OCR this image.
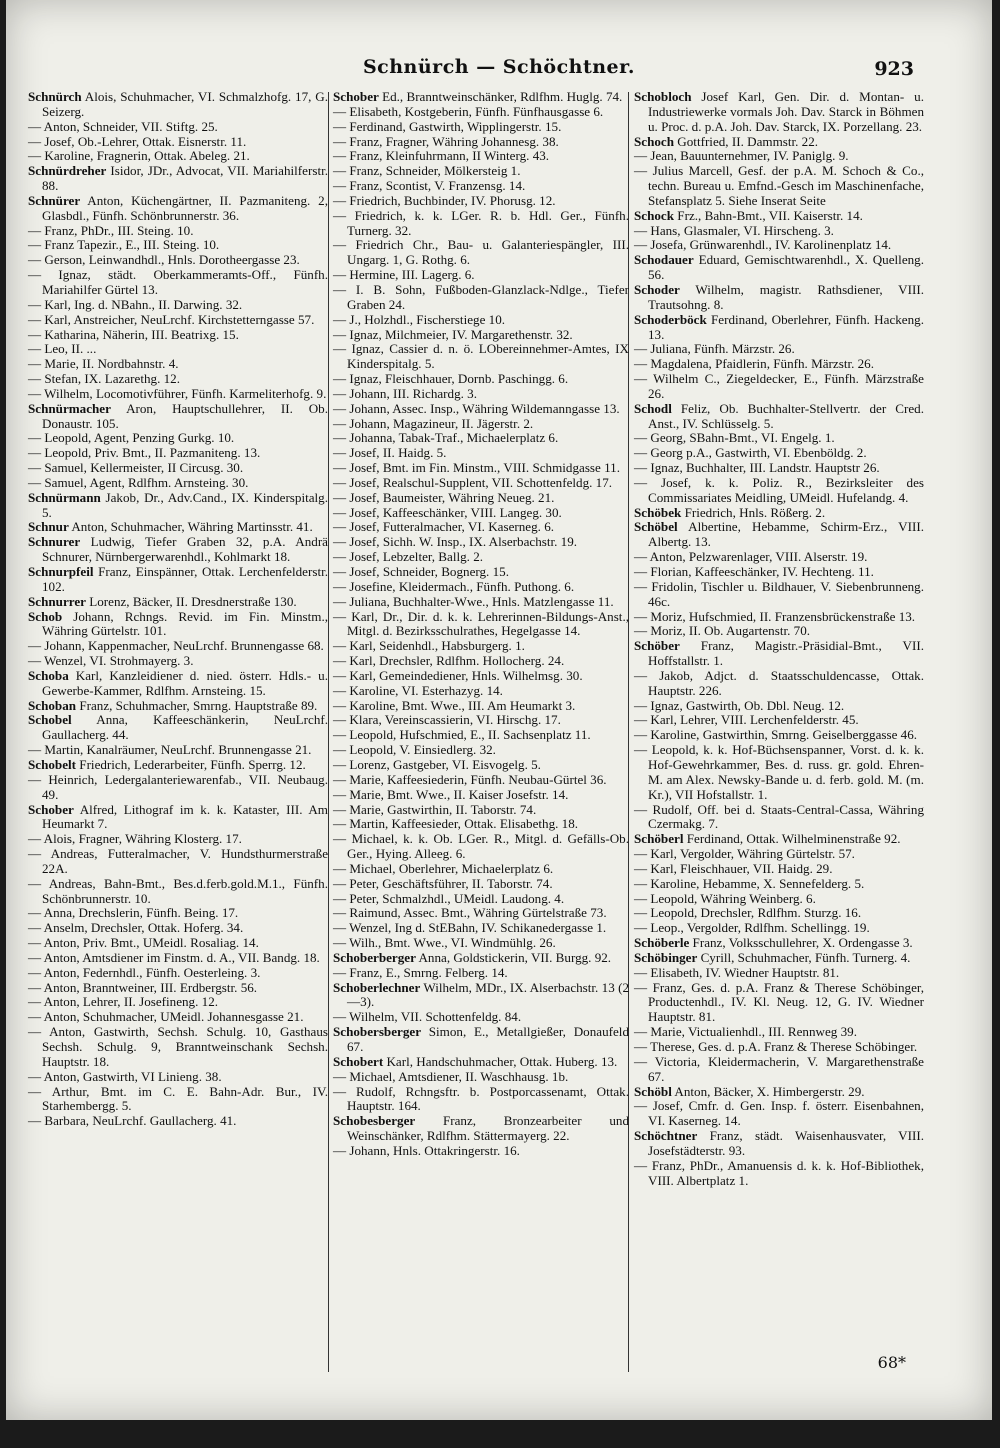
Schnürch — Schöchtner.	923

Schnürch Alois, Schuhmacher, VI. Schmalzhofg. 17, G. Seizerg.

— Anton, Schneider, VII. Stiftg. 25.

— Josef, Ob.-Lehrer, Ottak. Eisnerstr. 11.

— Karoline, Fragnerin, Ottak. Abeleg. 21.

Schnürdreher Isidor, JDr., Advocat, VII. Mariahilferstr. 88.

Schnürer Anton, Küchengärtner, II. Pazmaniteng. 2, Glasbdl., Fünfh. Schönbrunnerstr. 36.

— Franz, PhDr., III. Steing. 10.

— Franz Tapezir., E., III. Steing. 10.

— Gerson, Leinwandhdl., Hnls. Dorotheergasse 23.

— Ignaz, städt. Oberkammeramts-Off., Fünfh. Mariahilfer Gürtel 13.

— Karl, Ing. d. NBahn., II. Darwing. 32.

— Karl, Anstreicher, NeuLrchf. Kirchstetterngasse 57.

— Katharina, Näherin, III. Beatrixg. 15.

— Leo, II. ...

— Marie, II. Nordbahnstr. 4.

— Stefan, IX. Lazarethg. 12.

— Wilhelm, Locomotivführer, Fünfh. Karmeliterhofg. 9.

Schnürmacher Aron, Hauptschullehrer, II. Ob. Donaustr. 105.

— Leopold, Agent, Penzing Gurkg. 10.

— Leopold, Priv. Bmt., II. Pazmaniteng. 13.

— Samuel, Kellermeister, II Circusg. 30.

— Samuel, Agent, Rdlfhm. Arnsteing. 30.

Schnürmann Jakob, Dr., Adv.Cand., IX. Kinderspitalg. 5.

Schnur Anton, Schuhmacher, Währing Martinsstr. 41.

Schnurer Ludwig, Tiefer Graben 32, p.A. Andrä Schnurer, Nürnbergerwarenhdl., Kohlmarkt 18.

Schnurpfeil Franz, Einspänner, Ottak. Lerchenfelderstr. 102.

Schnurrer Lorenz, Bäcker, II. Dresdnerstraße 130.

Schob Johann, Rchngs. Revid. im Fin. Minstm., Währing Gürtelstr. 101.

— Johann, Kappenmacher, NeuLrchf. Brunnengasse 68.

— Wenzel, VI. Strohmayerg. 3.

Schoba Karl, Kanzleidiener d. nied. österr. Hdls.- u. Gewerbe-Kammer, Rdlfhm. Arnsteing. 15.

Schoban Franz, Schuhmacher, Smrng. Hauptstraße 89.

Schobel Anna, Kaffeeschänkerin, NeuLrchf. Gaullacherg. 44.

— Martin, Kanalräumer, NeuLrchf. Brunnengasse 21.

Schobelt Friedrich, Lederarbeiter, Fünfh. Sperrg. 12.

— Heinrich, Ledergalanteriewarenfab., VII. Neubaug. 49.

Schober Alfred, Lithograf im k. k. Kataster, III. Am Heumarkt 7.

— Alois, Fragner, Währing Klosterg. 17.

— Andreas, Futteralmacher, V. Hundsthurmerstraße 22A.

— Andreas, Bahn-Bmt., Bes.d.ferb.gold.M.1., Fünfh. Schönbrunnerstr. 10.

— Anna, Drechslerin, Fünfh. Being. 17.

— Anselm, Drechsler, Ottak. Hoferg. 34.

— Anton, Priv. Bmt., UMeidl. Rosaliag. 14.

— Anton, Amtsdiener im Finstm. d. A., VII. Bandg. 18.

— Anton, Federnhdl., Fünfh. Oesterleing. 3.

— Anton, Branntweiner, III. Erdbergstr. 56.

— Anton, Lehrer, II. Josefineng. 12.

— Anton, Schuhmacher, UMeidl. Johannesgasse 21.

— Anton, Gastwirth, Sechsh. Schulg. 10, Gasthaus Sechsh. Schulg. 9, Branntweinschank Sechsh. Hauptstr. 18.

— Anton, Gastwirth, VI Linieng. 38.

— Arthur, Bmt. im C. E. Bahn-Adr. Bur., IV. Starhembergg. 5.

— Barbara, NeuLrchf. Gaullacherg. 41.

Schober Ed., Branntweinschänker, Rdlfhm. Huglg. 74.

— Elisabeth, Kostgeberin, Fünfh. Fünfhausgasse 6.

— Ferdinand, Gastwirth, Wipplingerstr. 15.

— Franz, Fragner, Währing Johannesg. 38.

— Franz, Kleinfuhrmann, II Winterg. 43.

— Franz, Schneider, Mölkersteig 1.

— Franz, Scontist, V. Franzensg. 14.

— Friedrich, Buchbinder, IV. Phorusg. 12.

— Friedrich, k. k. LGer. R. b. Hdl. Ger., Fünfh. Turnerg. 32.

— Friedrich Chr., Bau- u. Galanteriespängler, III. Ungarg. 1, G. Rothg. 6.

— Hermine, III. Lagerg. 6.

— I. B. Sohn, Fußboden-Glanzlack-Ndlge., Tiefer Graben 24.

— J., Holzhdl., Fischerstiege 10.

— Ignaz, Milchmeier, IV. Margarethenstr. 32.

— Ignaz, Cassier d. n. ö. LObereinnehmer-Amtes, IX Kinderspitalg. 5.

— Ignaz, Fleischhauer, Dornb. Paschingg. 6.

— Johann, III. Richardg. 3.

— Johann, Assec. Insp., Währing Wildemanngasse 13.

— Johann, Magazineur, II. Jägerstr. 2.

— Johanna, Tabak-Traf., Michaelerplatz 6.

— Josef, II. Haidg. 5.

— Josef, Bmt. im Fin. Minstm., VIII. Schmidgasse 11.

— Josef, Realschul-Supplent, VII. Schottenfeldg. 17.

— Josef, Baumeister, Währing Neueg. 21.

— Josef, Kaffeeschänker, VIII. Langeg. 30.

— Josef, Futteralmacher, VI. Kaserneg. 6.

— Josef, Sichh. W. Insp., IX. Alserbachstr. 19.

— Josef, Lebzelter, Ballg. 2.

— Josef, Schneider, Bognerg. 15.

— Josefine, Kleidermach., Fünfh. Puthong. 6.

— Juliana, Buchhalter-Wwe., Hnls. Matzlengasse 11.

— Karl, Dr., Dir. d. k. k. Lehrerinnen-Bildungs-Anst., Mitgl. d. Bezirksschulrathes, Hegelgasse 14.

— Karl, Seidenhdl., Habsburgerg. 1.

— Karl, Drechsler, Rdlfhm. Hollocherg. 24.

— Karl, Gemeindediener, Hnls. Wilhelmsg. 30.

— Karoline, VI. Esterhazyg. 14.

— Karoline, Bmt. Wwe., III. Am Heumarkt 3.

— Klara, Vereinscassierin, VI. Hirschg. 17.

— Leopold, Hufschmied, E., II. Sachsenplatz 11.

— Leopold, V. Einsiedlerg. 32.

— Lorenz, Gastgeber, VI. Eisvogelg. 5.

— Marie, Kaffeesiederin, Fünfh. Neubau-Gürtel 36.

— Marie, Bmt. Wwe., II. Kaiser Josefstr. 14.

— Marie, Gastwirthin, II. Taborstr. 74.

— Martin, Kaffeesieder, Ottak. Elisabethg. 18.

— Michael, k. k. Ob. LGer. R., Mitgl. d. Gefälls-Ob. Ger., Hying. Alleeg. 6.

— Michael, Oberlehrer, Michaelerplatz 6.

— Peter, Geschäftsführer, II. Taborstr. 74.

— Peter, Schmalzhdl., UMeidl. Laudong. 4.

— Raimund, Assec. Bmt., Währing Gürtelstraße 73.

— Wenzel, Ing d. StEBahn, IV. Schikanedergasse 1.

— Wilh., Bmt. Wwe., VI. Windmühlg. 26.

Schoberberger Anna, Goldstickerin, VII. Burgg. 92.

— Franz, E., Smrng. Felberg. 14.

Schoberlechner Wilhelm, MDr., IX. Alserbachstr. 13 (2—3).

— Wilhelm, VII. Schottenfeldg. 84.

Schobersberger Simon, E., Metallgießer, Donaufeld 67.

Schobert Karl, Handschuhmacher, Ottak. Huberg. 13.

— Michael, Amtsdiener, II. Waschhausg. 1b.

— Rudolf, Rchngsftr. b. Postporcassenamt, Ottak. Hauptstr. 164.

Schobesberger Franz, Bronzearbeiter und Weinschänker, Rdlfhm. Stättermayerg. 22.

— Johann, Hnls. Ottakringerstr. 16.

Schobloch Josef Karl, Gen. Dir. d. Montan- u. Industriewerke vormals Joh. Dav. Starck in Böhmen u. Proc. d. p.A. Joh. Dav. Starck, IX. Porzellang. 23.

Schoch Gottfried, II. Dammstr. 22.

— Jean, Bauunternehmer, IV. Paniglg. 9.

— Julius Marcell, Gesf. der p.A. M. Schoch & Co., techn. Bureau u. Emfnd.-Gesch im Maschinenfache, Stefansplatz 5. Siehe Inserat Seite

Schock Frz., Bahn-Bmt., VII. Kaiserstr. 14.

— Hans, Glasmaler, VI. Hirscheng. 3.

— Josefa, Grünwarenhdl., IV. Karolinenplatz 14.

Schodauer Eduard, Gemischtwarenhdl., X. Quelleng. 56.

Schoder Wilhelm, magistr. Rathsdiener, VIII. Trautsohng. 8.

Schoderböck Ferdinand, Oberlehrer, Fünfh. Hackeng. 13.

— Juliana, Fünfh. Märzstr. 26.

— Magdalena, Pfaidlerin, Fünfh. Märzstr. 26.

— Wilhelm C., Ziegeldecker, E., Fünfh. Märzstraße 26.

Schodl Feliz, Ob. Buchhalter-Stellvertr. der Cred. Anst., IV. Schlüsselg. 5.

— Georg, SBahn-Bmt., VI. Engelg. 1.

— Georg p.A., Gastwirth, VI. Ebenböldg. 2.

— Ignaz, Buchhalter, III. Landstr. Hauptstr 26.

— Josef, k. k. Poliz. R., Bezirksleiter des Commissariates Meidling, UMeidl. Hufelandg. 4.

Schöbek Friedrich, Hnls. Rößerg. 2.

Schöbel Albertine, Hebamme, Schirm-Erz., VIII. Albertg. 13.

— Anton, Pelzwarenlager, VIII. Alserstr. 19.

— Florian, Kaffeeschänker, IV. Hechteng. 11.

— Fridolin, Tischler u. Bildhauer, V. Siebenbrunneng. 46c.

— Moriz, Hufschmied, II. Franzensbrückenstraße 13.

— Moriz, II. Ob. Augartenstr. 70.

Schöber Franz, Magistr.-Präsidial-Bmt., VII. Hoffstallstr. 1.

— Jakob, Adjct. d. Staatsschuldencasse, Ottak. Hauptstr. 226.

— Ignaz, Gastwirth, Ob. Dbl. Neug. 12.

— Karl, Lehrer, VIII. Lerchenfelderstr. 45.

— Karoline, Gastwirthin, Smrng. Geiselberggasse 46.

— Leopold, k. k. Hof-Büchsenspanner, Vorst. d. k. k. Hof-Gewehrkammer, Bes. d. russ. gr. gold. Ehren-M. am Alex. Newsky-Bande u. d. ferb. gold. M. (m. Kr.), VII Hofstallstr. 1.

— Rudolf, Off. bei d. Staats-Central-Cassa, Währing Czermakg. 7.

Schöberl Ferdinand, Ottak. Wilhelminenstraße 92.

— Karl, Vergolder, Währing Gürtelstr. 57.

— Karl, Fleischhauer, VII. Haidg. 29.

— Karoline, Hebamme, X. Sennefelderg. 5.

— Leopold, Währing Weinberg. 6.

— Leopold, Drechsler, Rdlfhm. Sturzg. 16.

— Leop., Vergolder, Rdlfhm. Schellingg. 19.

Schöberle Franz, Volksschullehrer, X. Ordengasse 3.

Schöbinger Cyrill, Schuhmacher, Fünfh. Turnerg. 4.

— Elisabeth, IV. Wiedner Hauptstr. 81.

— Franz, Ges. d. p.A. Franz & Therese Schöbinger, Productenhdl., IV. Kl. Neug. 12, G. IV. Wiedner Hauptstr. 81.

— Marie, Victualienhdl., III. Rennweg 39.

— Therese, Ges. d. p.A. Franz & Therese Schöbinger.

— Victoria, Kleidermacherin, V. Margarethenstraße 67.

Schöbl Anton, Bäcker, X. Himbergerstr. 29.

— Josef, Cmfr. d. Gen. Insp. f. österr. Eisenbahnen, VI. Kaserneg. 14.

Schöchtner Franz, städt. Waisenhausvater, VIII. Josefstädterstr. 93.

— Franz, PhDr., Amanuensis d. k. k. Hof-Bibliothek, VIII. Albertplatz 1.

68*
